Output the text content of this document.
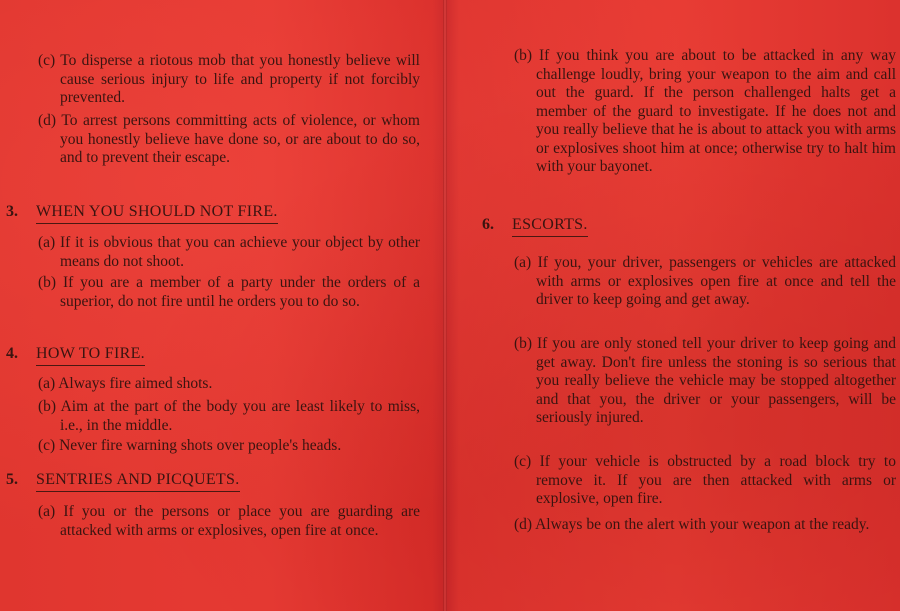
(c) To disperse a riotous mob that you honestly believe will cause serious injury to life and property if not forcibly prevented.

(d) To arrest persons committing acts of violence, or whom you honestly believe have done so, or are about to do so, and to prevent their escape.

3. WHEN YOU SHOULD NOT FIRE.

(a) If it is obvious that you can achieve your object by other means do not shoot.

(b) If you are a member of a party under the orders of a superior, do not fire until he orders you to do so.

4. HOW TO FIRE.

(a) Always fire aimed shots.

(b) Aim at the part of the body you are least likely to miss, i.e., in the middle.

(c) Never fire warning shots over people's heads.

5. SENTRIES AND PICQUETS.

(a) If you or the persons or place you are guarding are attacked with arms or explosives, open fire at once.

(b) If you think you are about to be attacked in any way challenge loudly, bring your weapon to the aim and call out the guard. If the person challenged halts get a member of the guard to investigate. If he does not and you really believe that he is about to attack you with arms or explosives shoot him at once; otherwise try to halt him with your bayonet.

6. ESCORTS.

(a) If you, your driver, passengers or vehicles are attacked with arms or explosives open fire at once and tell the driver to keep going and get away.

(b) If you are only stoned tell your driver to keep going and get away. Don't fire unless the stoning is so serious that you really believe the vehicle may be stopped altogether and that you, the driver or your passengers, will be seriously injured.

(c) If your vehicle is obstructed by a road block try to remove it. If you are then attacked with arms or explosive, open fire.

(d) Always be on the alert with your weapon at the ready.
